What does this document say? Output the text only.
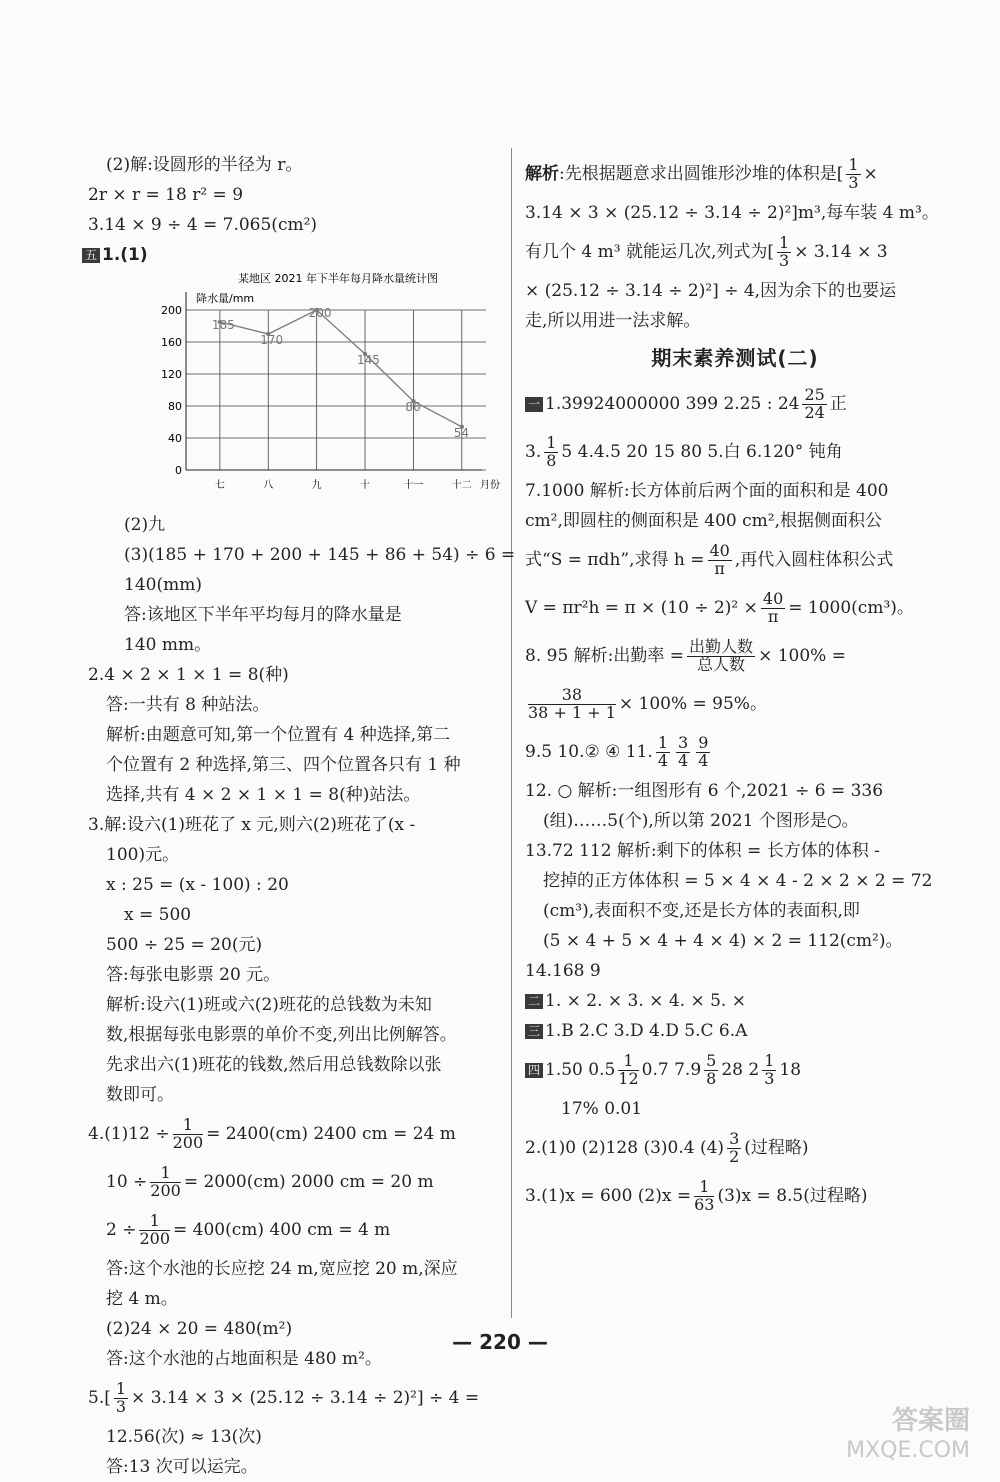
(2)解:设圆形的半径为 r。
2r × r = 18 r² = 9
3.14 × 9 ÷ 4 = 7.065(cm²)
五 1.(1)
某地区 2021 年下半年每月降水量统计图
降水量/mm
月份
200
160
120
80
40
0
七	八	九	十	十一	十二
185
170
200
145
86
54
(2)九
(3)(185 + 170 + 200 + 145 + 86 + 54) ÷ 6 =
140(mm)
答:该地区下半年平均每月的降水量是
140 mm。
2.4 × 2 × 1 × 1 = 8(种)
答:一共有 8 种站法。
解析:由题意可知,第一个位置有 4 种选择,第二
个位置有 2 种选择,第三、四个位置各只有 1 种
选择,共有 4 × 2 × 1 × 1 = 8(种)站法。
3.解:设六(1)班花了 x 元,则六(2)班花了(x -
100)元。
x : 25 = (x - 100) : 20
x = 500
500 ÷ 25 = 20(元)
答:每张电影票 20 元。
解析:设六(1)班或六(2)班花的总钱数为未知
数,根据每张电影票的单价不变,列出比例解答。
先求出六(1)班花的钱数,然后用总钱数除以张
数即可。
$4.(1)12 \div \frac{1}{200} = 2400(cm)$ 2400 cm = 24 m
$10 \div \frac{1}{200} = 2000(cm)$ 2000 cm = 20 m
$2 \div \frac{1}{200} = 400(cm)$ 400 cm = 4 m
答:这个水池的长应挖 24 m,宽应挖 20 m,深应
挖 4 m。
(2)24 × 20 = 480(m²)
答:这个水池的占地面积是 480 m²。
$5.[ \frac{1}{3} \times 3.14 \times 3 \times (25.12 \div 3.14 \div 2)^2] \div 4$ =
12.56(次) ≈ 13(次)
答:13 次可以运完。
解析:先根据题意求出圆锥形沙堆的体积是[ $\frac{1}{3}$ ×
3.14 × 3 × (25.12 ÷ 3.14 ÷ 2)²]m³,每车装 4 m³。
有几个 4 m³ 就能运几次,列式为[ $\frac{1}{3} \times 3.14 \times 3$
× (25.12 ÷ 3.14 ÷ 2)²] ÷ 4,因为余下的也要运
走,所以用进一法求解。
期末素养测试(二)
一 1.39924000000 399 2.25 : $24 \frac{25}{24}$ 正
3. $\frac{1}{8} 5$ 4.4.5 20 15 80 5.白 6.120° 钝角
7.1000 解析:长方体前后两个面的面积和是 400
cm²,即圆柱的侧面积是 400 cm²,根据侧面积公
式“S = πdh”,求得 $h = \frac{40}{\pi}$ ,再代入圆柱体积公式
$V = \pi r^2h = \pi \times (10 \div 2)^2 \times \frac{40}{\pi} = 1000(cm^3)$。
8. 95 解析:出勤率 = $\frac{\text{出勤人数}}{\text{总人数}} \times 100\%$ =
$\frac{38}{38 + 1 + 1} \times 100\% = 95\%$。
9.5 10.② ④ 11. $\frac{1}{4} \frac{3}{4} \frac{9}{4}$
12. ○ 解析:一组图形有 6 个,2021 ÷ 6 = 336
(组)……5(个),所以第 2021 个图形是○。
13.72 112 解析:剩下的体积 = 长方体的体积 -
挖掉的正方体体积 = 5 × 4 × 4 - 2 × 2 × 2 = 72
(cm³),表面积不变,还是长方体的表面积,即
(5 × 4 + 5 × 4 + 4 × 4) × 2 = 112(cm²)。
14.168 9
二 1. × 2. × 3. × 4. × 5. ×
三 1.B 2.C 3.D 4.D 5.C 6.A
四 1.50 $0.5 \frac{1}{12} 0.7$ $7.9 \frac{5}{8} 28$ $2 \frac{1}{3} 18$
17% 0.01
2.(1)0 (2)128 (3)0.4 $(4) \frac{3}{2}$ (过程略)
3.(1)x = 600 $(2)x = \frac{1}{63} (3)x = 8.5$(过程略)
— 220 —
答案圈
MXQE.COM
